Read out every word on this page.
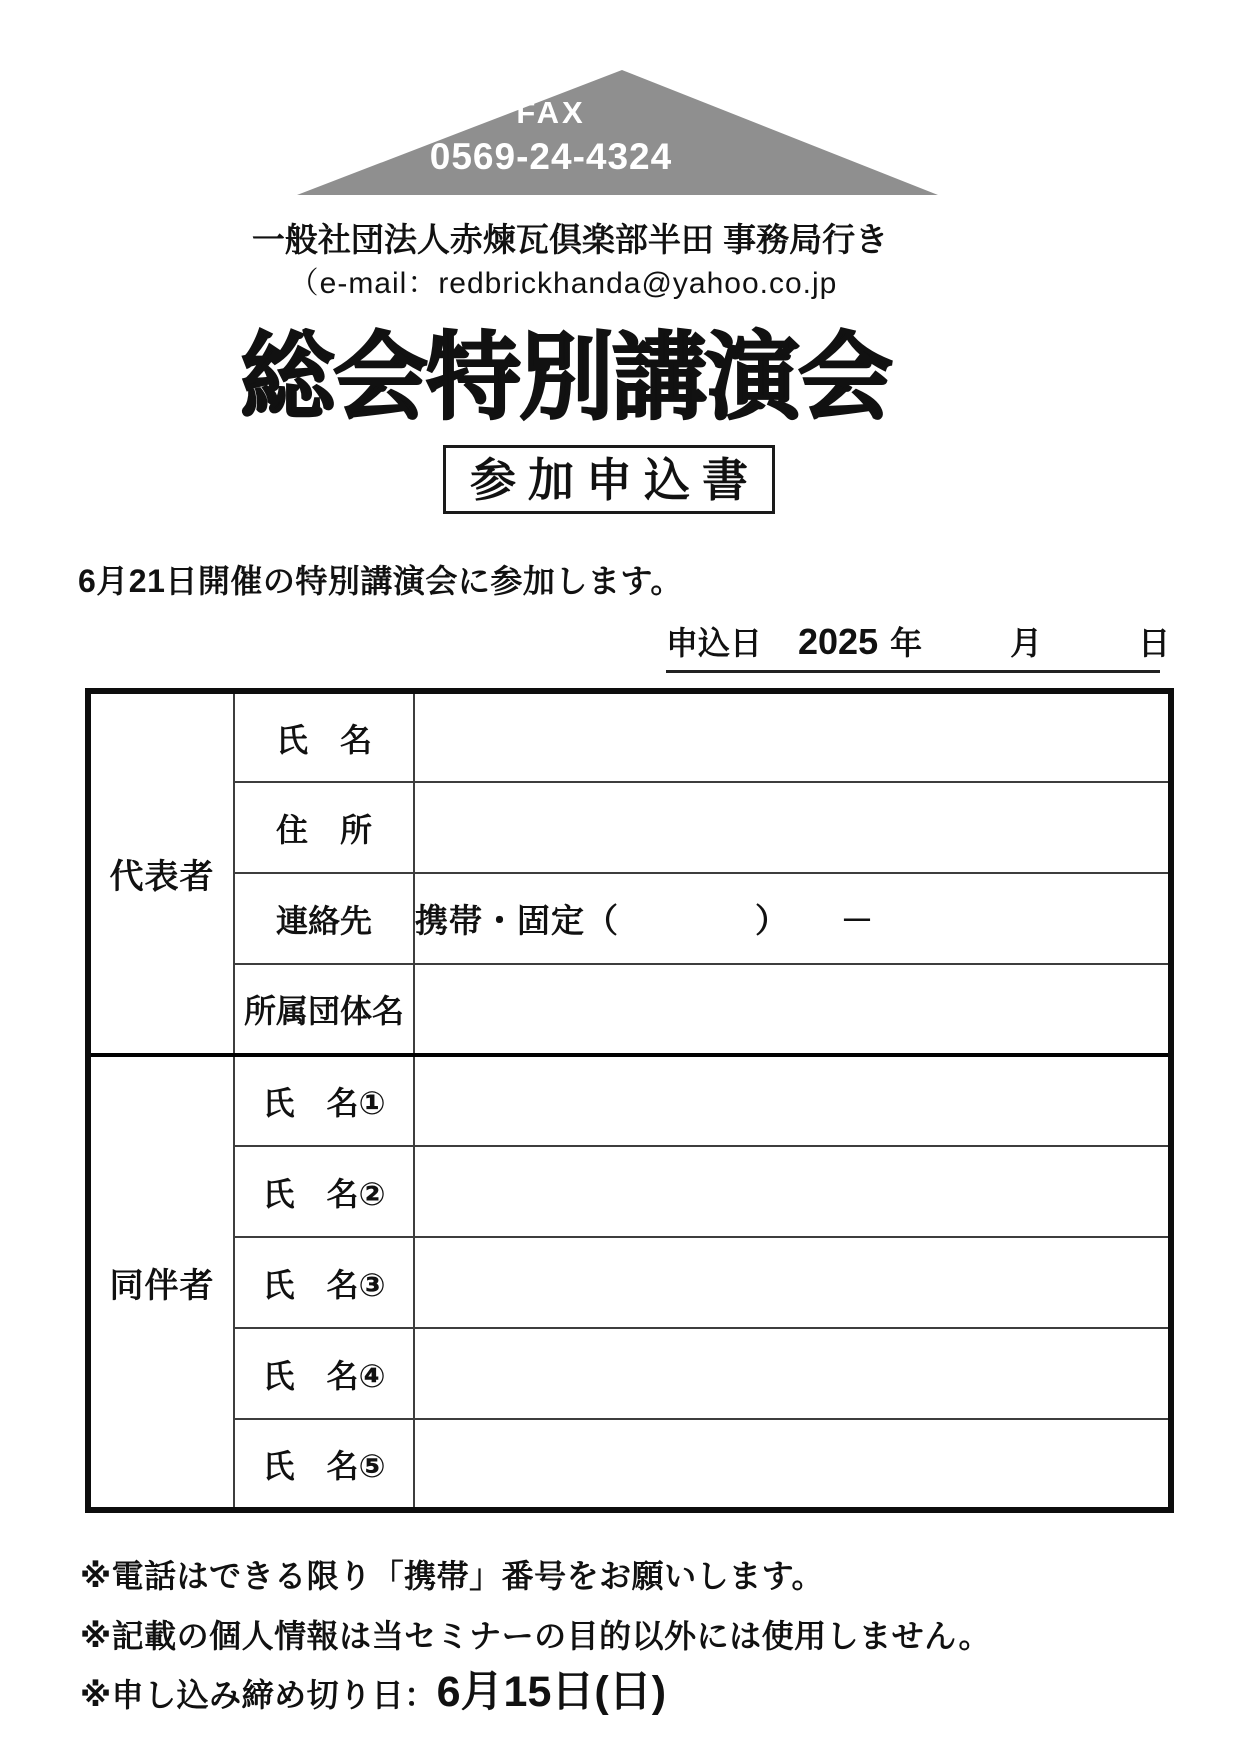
FAX
0569-24-4324
一般社団法人赤煉瓦倶楽部半田 事務局行き
（e-mail：redbrickhanda@yahoo.co.jp
総会特別講演会
参加申込書
6月21日開催の特別講演会に参加します。
申込日 2025 年	月	日
代表者	氏　名	
	住　所	
	連絡先	携帯・固定（　　　　）　　－
	所属団体名	
同伴者	氏　名①	
	氏　名②	
	氏　名③	
	氏　名④	
	氏　名⑤	
※電話はできる限り「携帯」番号をお願いします。
※記載の個人情報は当セミナーの目的以外には使用しません。
※申し込み締め切り日： 6月15日(日)
